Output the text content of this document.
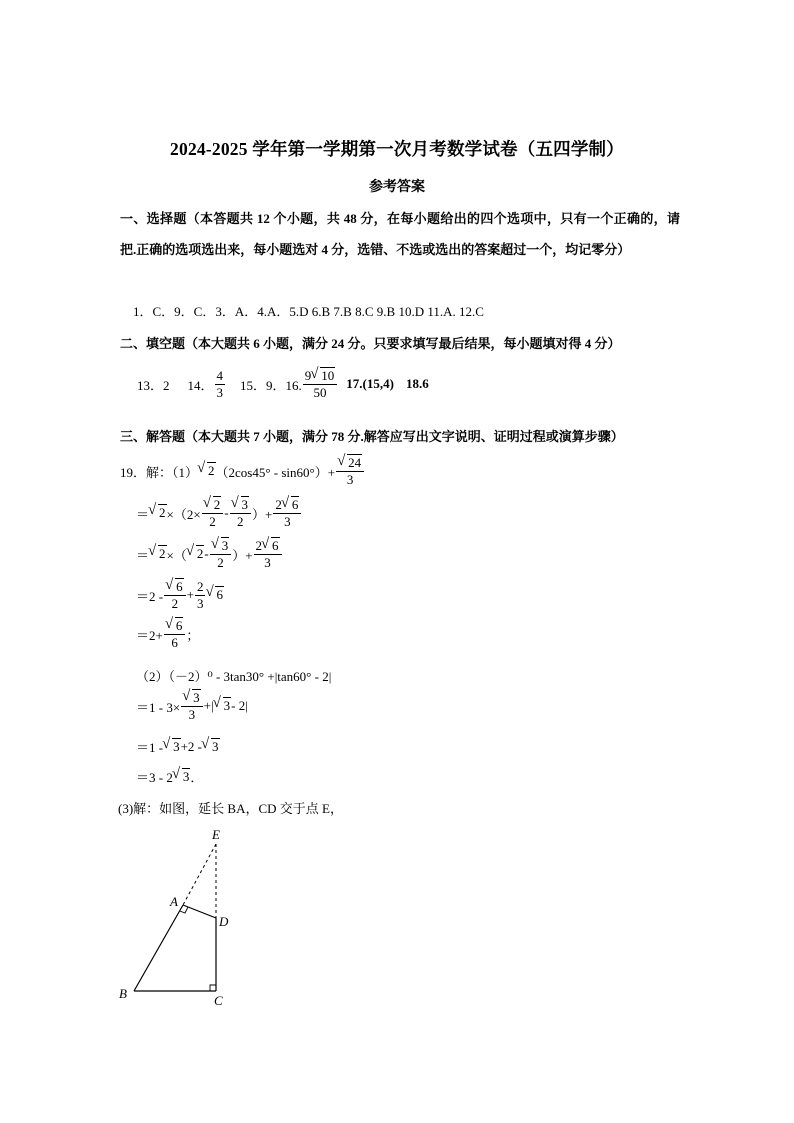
2024-2025 学年第一学期第一次月考数学试卷（五四学制）
参考答案
一、选择题（本答题共 12 个小题，共 48 分，在每小题给出的四个选项中，只有一个正确的，请把.正确的选项选出来，每小题选对 4 分，选错、不选或选出的答案超过一个，均记零分）
1．C．9．C．3．A．4.A．5.D 6.B 7.B 8.C 9.B 10.D 11.A. 12.C
二、填空题（本大题共 6 小题，满分 24 分。只要求填写最后结果，每小题填对得 4 分）
13．2 14． $\frac{4}{3} 15$．9．16. $\frac{9 √ 10}{50} 17.(15,4)$ 18.6
三、解答题（本大题共 7 小题，满分 78 分.解答应写出文字说明、证明过程或演算步骤）
19．解：（1） √ 2 （2cos45° - sin60°）+ √ $\frac{24}{3}$
＝ √ 2 ×（2× √ $\frac{2}{2}$ - √ $\frac{3}{2}$ ）+ $\frac{2 √ 6}{3}$
＝ √ 2 ×（ √ 2 - √ $\frac{3}{2}$ ）+ $\frac{2 √ 6}{3}$
＝2 - √ $\frac{6}{2} + \frac{2}{3}$ √ 6
＝2+ √ $\frac{6}{6}$ ；
（2）（－2）⁰ - 3tan30° +|tan60° - 2|
＝1 - 3× √ $\frac{3}{3}$ +| √ 3 - 2|
＝1 - √ 3 +2 - √ 3
＝3 - 2 √ 3 ．
(3)解：如图，延长 BA，CD 交于点 E，
E
A
D
B	C
